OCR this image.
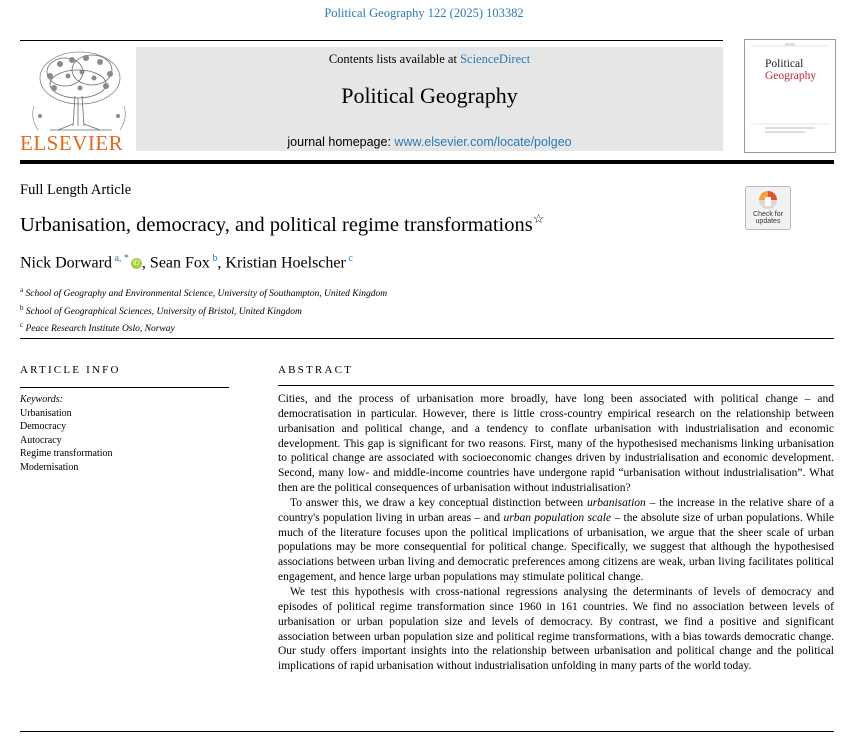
Political Geography 122 (2025) 103382
ELSEVIER
Contents lists available at ScienceDirect
Political Geography
journal homepage: www.elsevier.com/locate/polgeo
Political
Geography
Full Length Article
Urbanisation, democracy, and political regime transformations☆	Check for
updates
Nick Dorward $^{a, *}$ iD , Sean Fox $^b$, Kristian Hoelscher $^c$
$^a$ School of Geography and Environmental Science, University of Southampton, United Kingdom
$^b$ School of Geographical Sciences, University of Bristol, United Kingdom
$^c$ Peace Research Institute Oslo, Norway
ARTICLE INFO
Keywords:
Urbanisation
Democracy
Autocracy
Regime transformation
Modernisation
ABSTRACT

Cities, and the process of urbanisation more broadly, have long been associated with political change – and democratisation in particular. However, there is little cross-country empirical research on the relationship between urbanisation and political change, and a tendency to conflate urbanisation with industrialisation and economic development. This gap is significant for two reasons. First, many of the hypothesised mechanisms linking urbanisation to political change are associated with socioeconomic changes driven by industrialisation and economic development. Second, many low- and middle-income countries have undergone rapid “urbanisation without industrialisation”. What then are the political consequences of urbanisation without industrialisation?

To answer this, we draw a key conceptual distinction between urbanisation – the increase in the relative share of a country's population living in urban areas – and urban population scale – the absolute size of urban populations. While much of the literature focuses upon the political implications of urbanisation, we argue that the sheer scale of urban populations may be more consequential for political change. Specifically, we suggest that although the hypothesised associations between urban living and democratic preferences among citizens are weak, urban living facilitates political engagement, and hence large urban populations may stimulate political change.

We test this hypothesis with cross-national regressions analysing the determinants of levels of democracy and episodes of political regime transformation since 1960 in 161 countries. We find no association between levels of urbanisation or urban population size and levels of democracy. By contrast, we find a positive and significant association between urban population size and political regime transformations, with a bias towards democratic change. Our study offers important insights into the relationship between urbanisation and political change and the political implications of rapid urbanisation without industrialisation unfolding in many parts of the world today.
